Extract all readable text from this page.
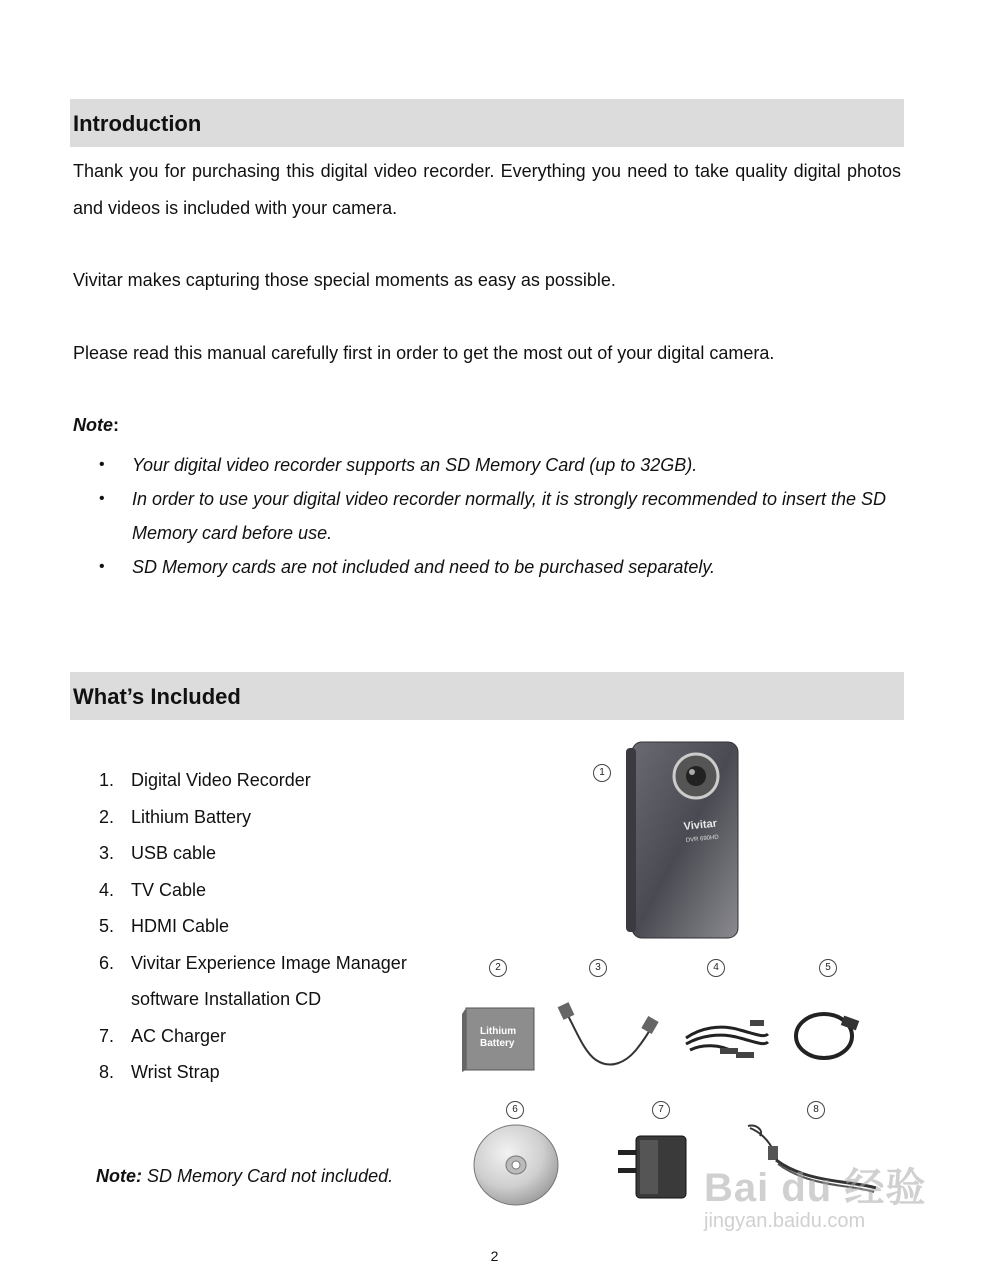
Introduction

Thank you for purchasing this digital video recorder. Everything you need to take quality digital photos and videos is included with your camera.

Vivitar makes capturing those special moments as easy as possible.

Please read this manual carefully first in order to get the most out of your digital camera.

Note:

• Your digital video recorder supports an SD Memory Card (up to 32GB).
• In order to use your digital video recorder normally, it is strongly recommended to insert the SD Memory card before use.
• SD Memory cards are not included and need to be purchased separately.
What’s Included
1. Digital Video Recorder
2. Lithium Battery
3. USB cable
4. TV Cable
5. HDMI Cable
6. Vivitar Experience Image Manager software Installation CD
7. AC Charger
8. Wrist Strap

Note: SD Memory Card not included.

1
2	3	4	5
6	7	8
Vivitar
DVR 690HD
Lithium
Battery
Bai du 经验
jingyan.baidu.com
2
